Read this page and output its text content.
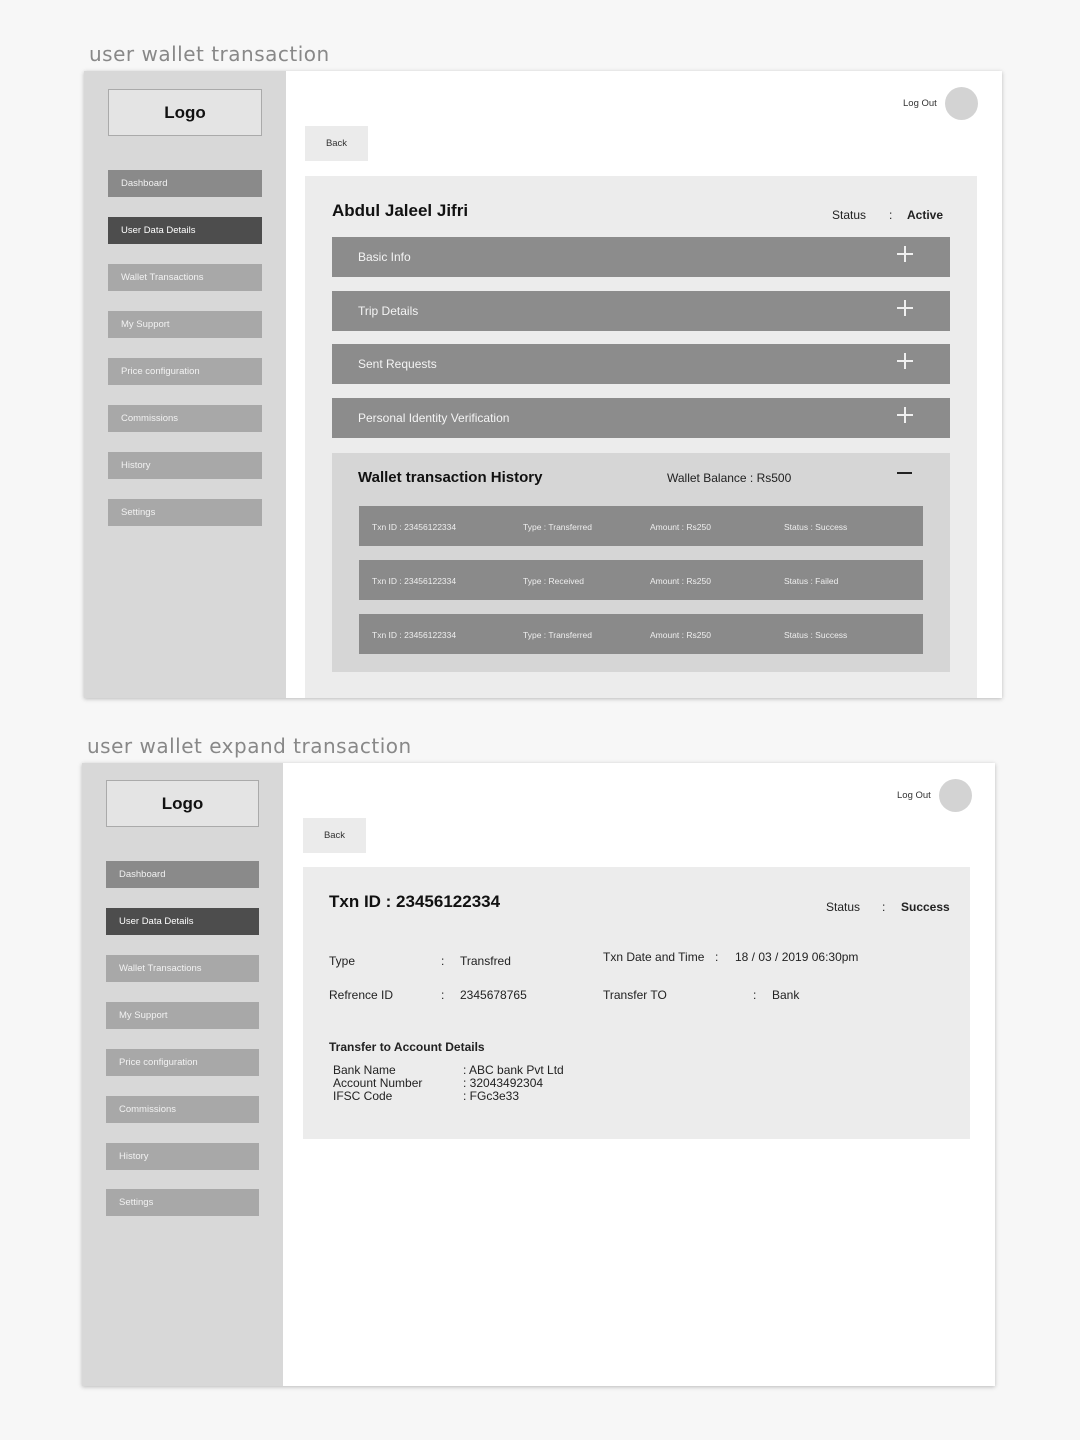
user wallet transaction
Logo
Dashboard
User Data Details
Wallet Transactions
My Support
Price configuration
Commissions
History
Settings
Log Out
Back
Abdul Jaleel Jifri	Status : Active
Basic Info
Trip Details
Sent Requests
Personal Identity Verification
Wallet transaction History	Wallet Balance : Rs500
Txn ID : 23456122334	Type : Transferred	Amount : Rs250	Status : Success
Txn ID : 23456122334	Type : Received	Amount : Rs250	Status : Failed
Txn ID : 23456122334	Type : Transferred	Amount : Rs250	Status : Success
user wallet expand transaction
Logo
Dashboard
User Data Details
Wallet Transactions
My Support
Price configuration
Commissions
History
Settings
Log Out
Back
Txn ID : 23456122334	Status : Success
Type	: Transfred
Refrence ID	: 2345678765
Txn Date and Time : 18 / 03 / 2019 06:30pm
Transfer TO	: Bank
Transfer to Account Details
Bank Name	: ABC bank Pvt Ltd
Account Number	: 32043492304
IFSC Code	: FGc3e33
